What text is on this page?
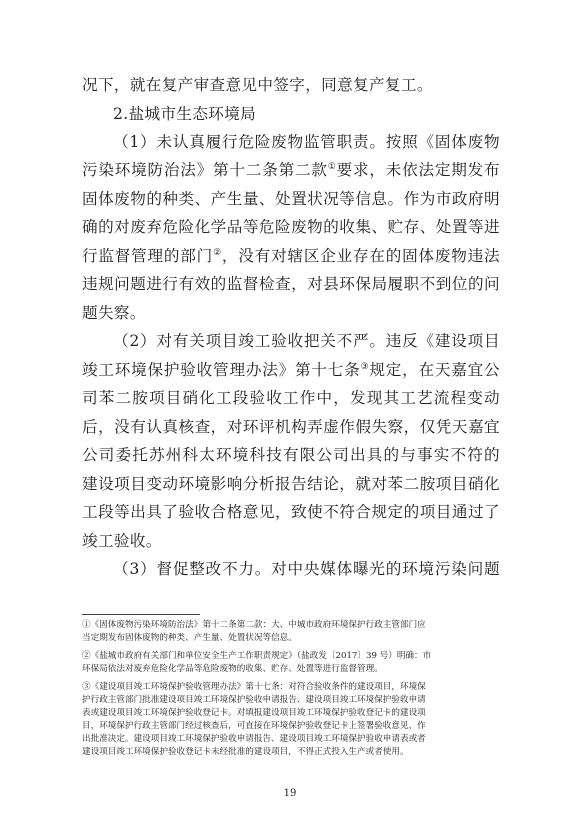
况下，就在复产审查意见中签字，同意复产复工。
2.盐城市生态环境局
（1）未认真履行危险废物监管职责。按照《固体废物
污染环境防治法》第十二条第二款①要求，未依法定期发布
固体废物的种类、产生量、处置状况等信息。作为市政府明
确的对废弃危险化学品等危险废物的收集、贮存、处置等进
行监督管理的部门②，没有对辖区企业存在的固体废物违法
违规问题进行有效的监督检查，对县环保局履职不到位的问
题失察。
（2）对有关项目竣工验收把关不严。违反《建设项目
竣工环境保护验收管理办法》第十七条③规定，在天嘉宜公
司苯二胺项目硝化工段验收工作中，发现其工艺流程变动
后，没有认真核查，对环评机构弄虚作假失察，仅凭天嘉宜
公司委托苏州科太环境科技有限公司出具的与事实不符的
建设项目变动环境影响分析报告结论，就对苯二胺项目硝化
工段等出具了验收合格意见，致使不符合规定的项目通过了
竣工验收。
（3）督促整改不力。对中央媒体曝光的环境污染问题
①《固体废物污染环境防治法》第十二条第二款：大、中城市政府环境保护行政主管部门应
当定期发布固体废物的种类、产生量、处置状况等信息。
②《盐城市政府有关部门和单位安全生产工作职责规定》（盐政发〔2017〕39 号）明确：市
环保局依法对废弃危险化学品等危险废物的收集、贮存、处置等进行监督管理。
③《建设项目竣工环境保护验收管理办法》第十七条：对符合验收条件的建设项目，环境保
护行政主管部门批准建设项目竣工环境保护验收申请报告、建设项目竣工环境保护验收申请
表或建设项目竣工环境保护验收登记卡。对填报建设项目竣工环境保护验收登记卡的建设项
目，环境保护行政主管部门经过核查后，可直接在环境保护验收登记卡上签署验收意见，作
出批准决定。建设项目竣工环境保护验收申请报告、建设项目竣工环境保护验收申请表或者
建设项目竣工环境保护验收登记卡未经批准的建设项目，不得正式投入生产或者使用。
19
